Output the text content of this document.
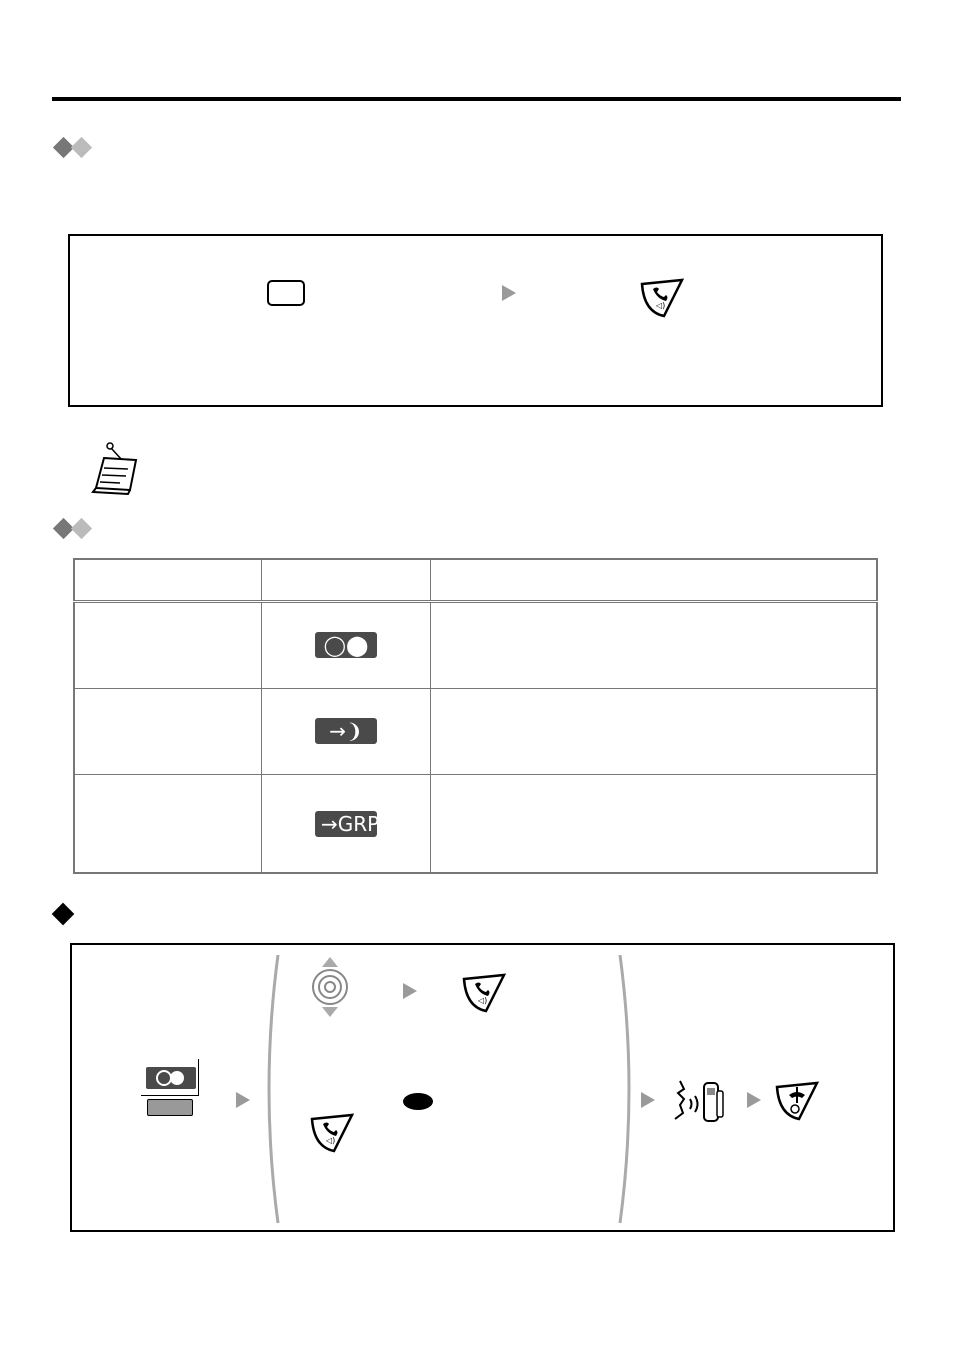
◁)

	◯⬤	
	→❩	
	→GRP	
◁)
◁)
